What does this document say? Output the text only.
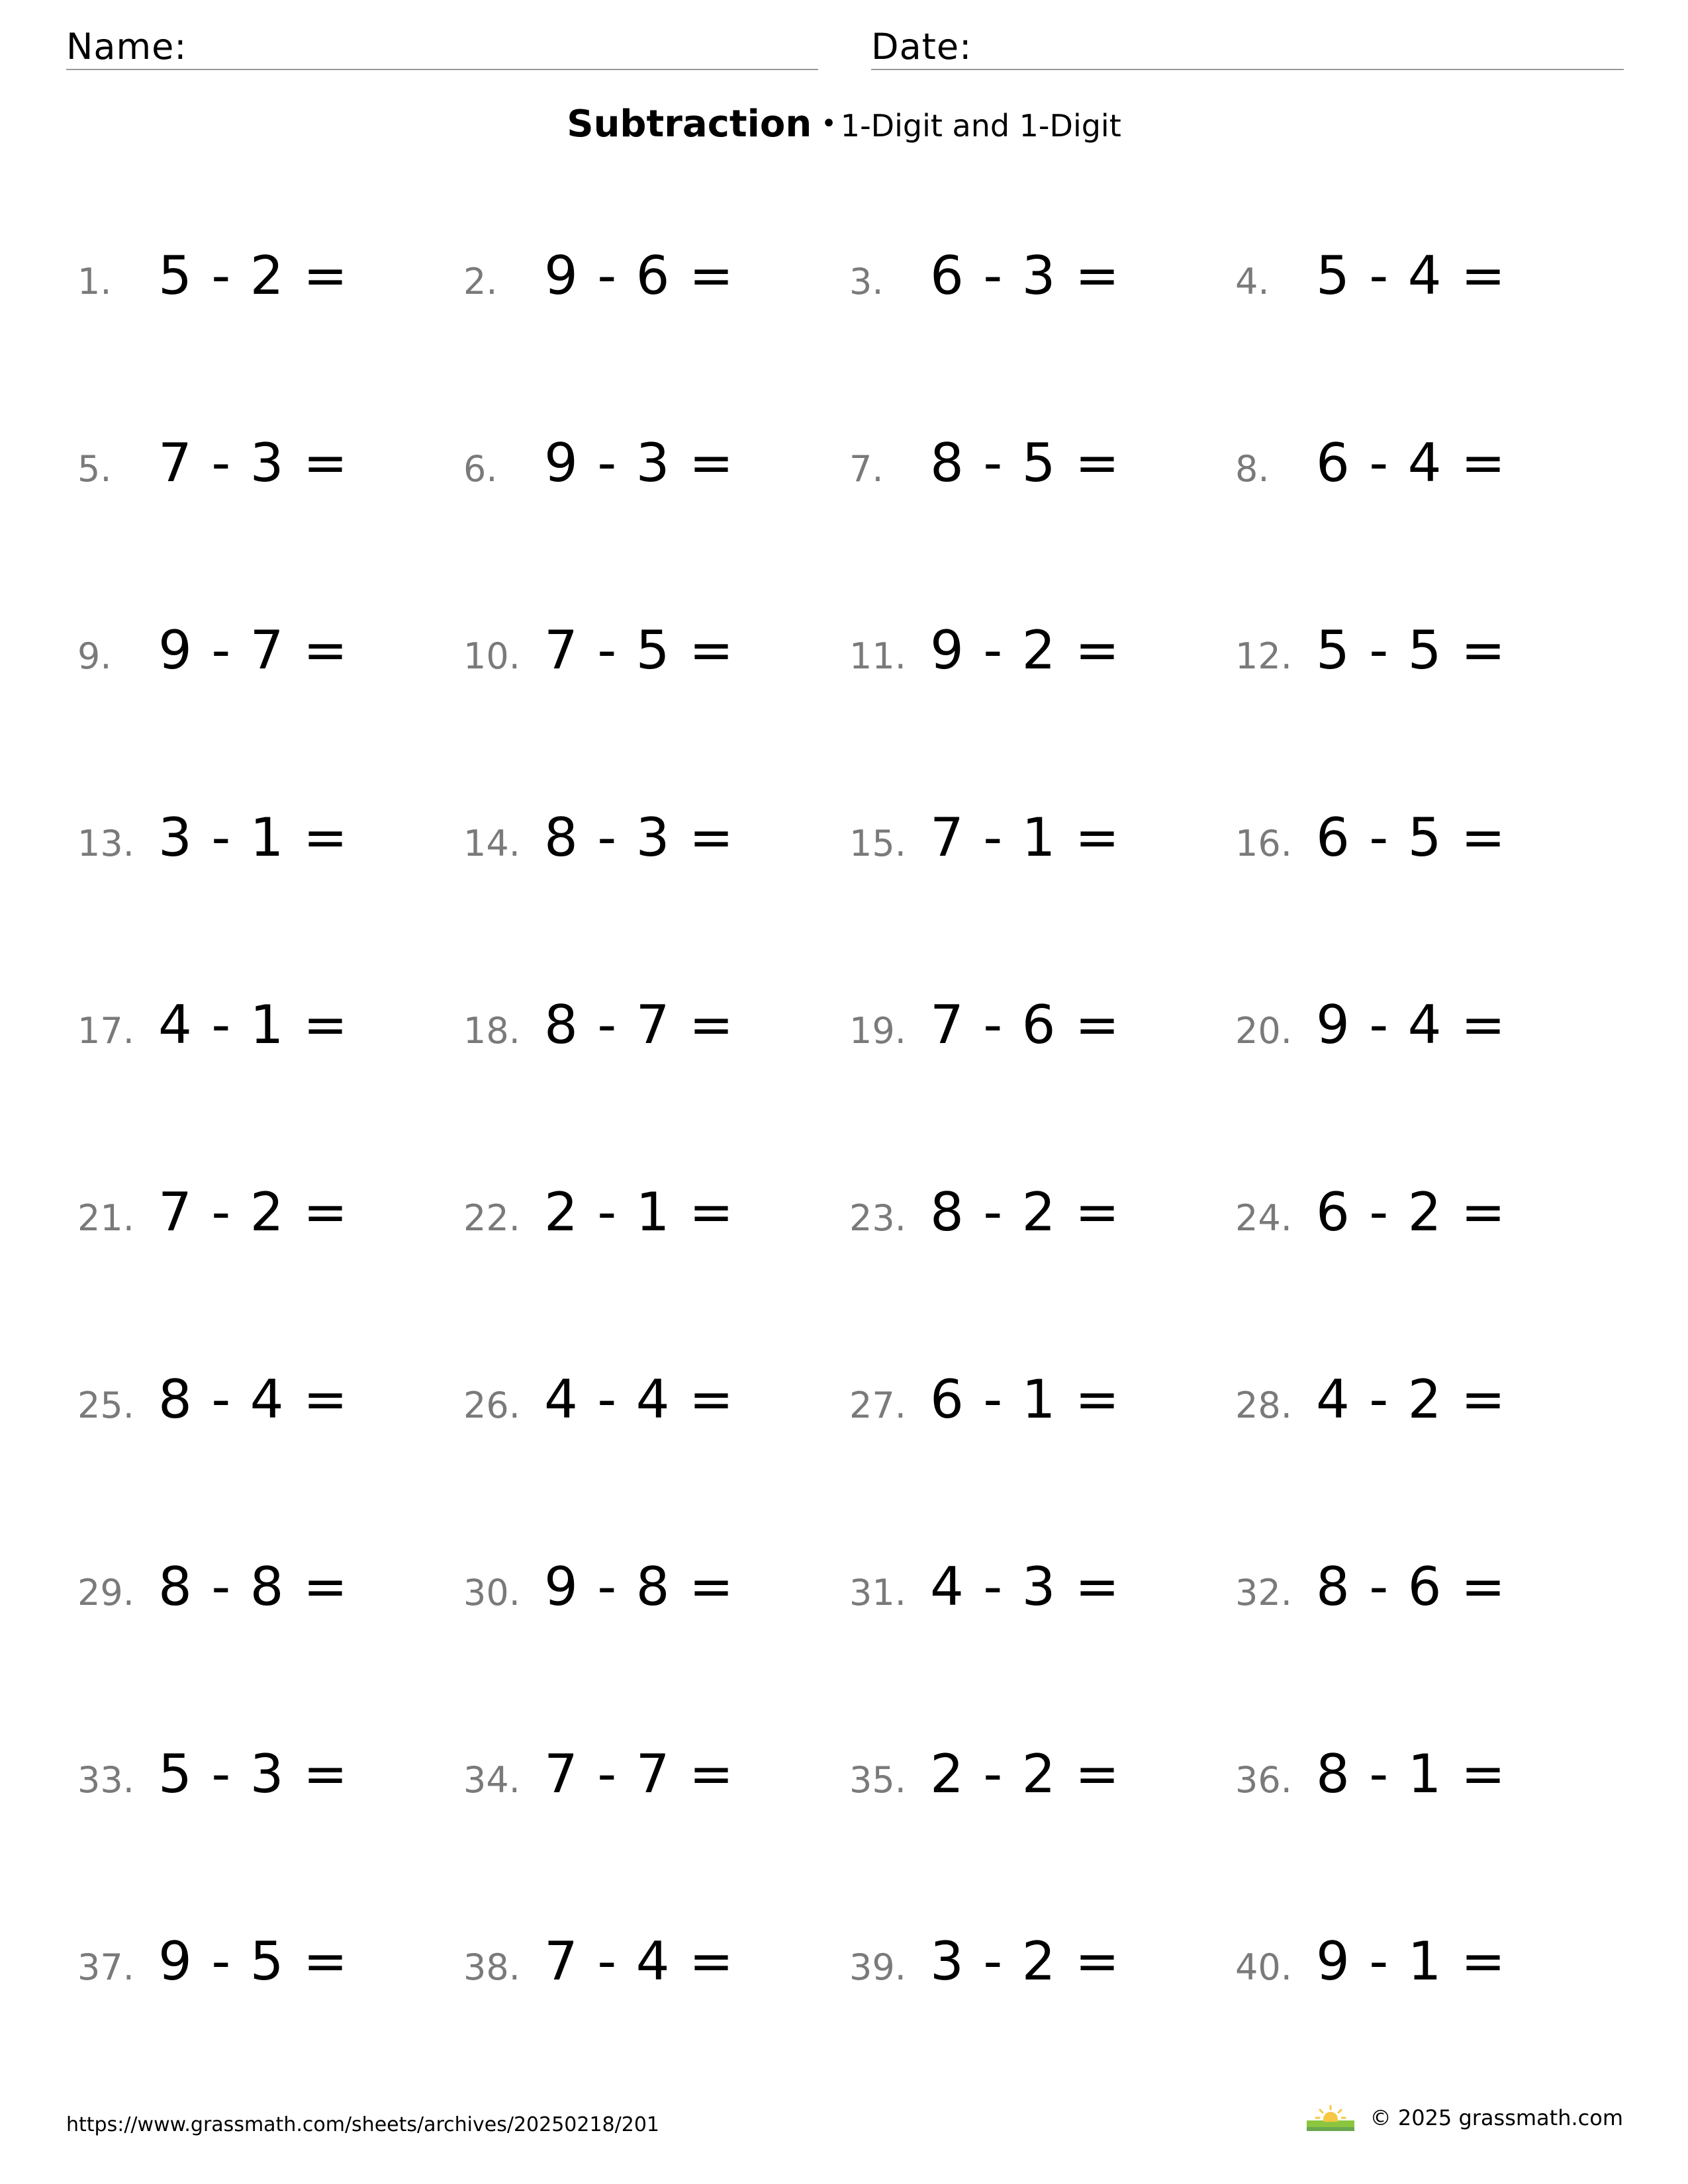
Name:	Date:
Subtraction • 1-Digit and 1-Digit
1. 5 - 2 =	2. 9 - 6 =	3. 6 - 3 =	4. 5 - 4 =
5. 7 - 3 =	6. 9 - 3 =	7. 8 - 5 =	8. 6 - 4 =
9. 9 - 7 =	10. 7 - 5 =	11. 9 - 2 =	12. 5 - 5 =
13. 3 - 1 =	14. 8 - 3 =	15. 7 - 1 =	16. 6 - 5 =
17. 4 - 1 =	18. 8 - 7 =	19. 7 - 6 =	20. 9 - 4 =
21. 7 - 2 =	22. 2 - 1 =	23. 8 - 2 =	24. 6 - 2 =
25. 8 - 4 =	26. 4 - 4 =	27. 6 - 1 =	28. 4 - 2 =
29. 8 - 8 =	30. 9 - 8 =	31. 4 - 3 =	32. 8 - 6 =
33. 5 - 3 =	34. 7 - 7 =	35. 2 - 2 =	36. 8 - 1 =
37. 9 - 5 =	38. 7 - 4 =	39. 3 - 2 =	40. 9 - 1 =
https://www.grassmath.com/sheets/archives/20250218/201	© 2025 grassmath.com
